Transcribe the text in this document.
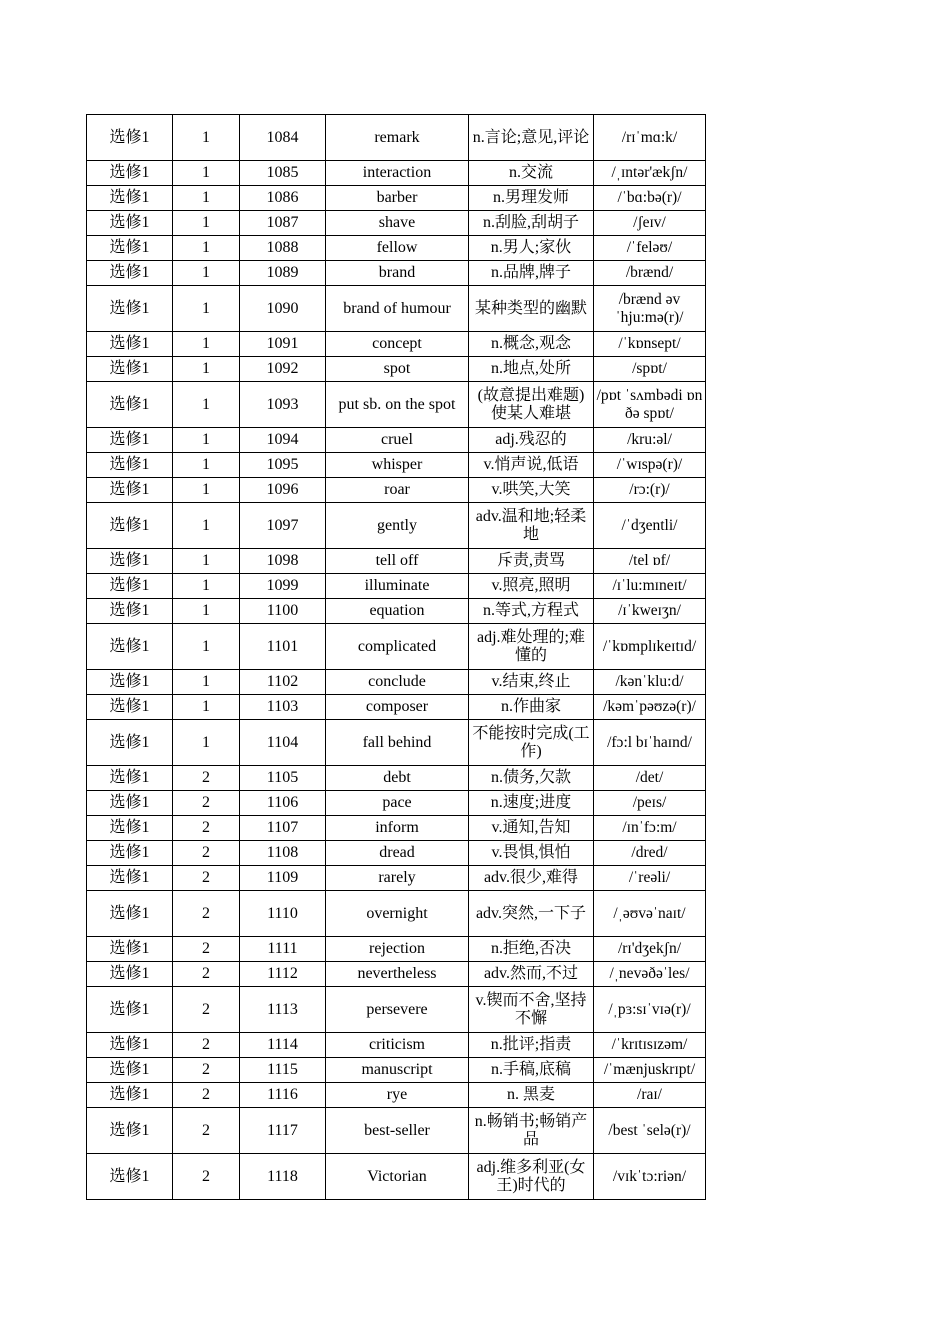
选修1	1	1084	remark	n.言论;意见,评论	/rɪˈmɑ:k/
选修1	1	1085	interaction	n.交流	/ˌɪntər'ækʃn/
选修1	1	1086	barber	n.男理发师	/ˈbɑ:bə(r)/
选修1	1	1087	shave	n.刮脸,刮胡子	/ʃeɪv/
选修1	1	1088	fellow	n.男人;家伙	/ˈfeləʊ/
选修1	1	1089	brand	n.品牌,牌子	/brænd/
选修1	1	1090	brand of humour	某种类型的幽默	/brænd əv ˈhju:mə(r)/
选修1	1	1091	concept	n.概念,观念	/ˈkɒnsept/
选修1	1	1092	spot	n.地点,处所	/spɒt/
选修1	1	1093	put sb. on the spot	(故意提出难题)使某人难堪	/pɒt ˈsʌmbədi ɒn ðə spɒt/
选修1	1	1094	cruel	adj.残忍的	/kru:əl/
选修1	1	1095	whisper	v.悄声说,低语	/ˈwɪspə(r)/
选修1	1	1096	roar	v.哄笑,大笑	/rɔ:(r)/
选修1	1	1097	gently	adv.温和地;轻柔地	/ˈdʒentli/
选修1	1	1098	tell off	斥责,责骂	/tel ɒf/
选修1	1	1099	illuminate	v.照亮,照明	/ɪˈlu:mɪneɪt/
选修1	1	1100	equation	n.等式,方程式	/ɪˈkweɪʒn/
选修1	1	1101	complicated	adj.难处理的;难懂的	/ˈkɒmplɪkeɪtɪd/
选修1	1	1102	conclude	v.结束,终止	/kənˈklu:d/
选修1	1	1103	composer	n.作曲家	/kəmˈpəʊzə(r)/
选修1	1	1104	fall behind	不能按时完成(工作)	/fɔ:l bɪˈhaɪnd/
选修1	2	1105	debt	n.债务,欠款	/det/
选修1	2	1106	pace	n.速度;进度	/peɪs/
选修1	2	1107	inform	v.通知,告知	/ɪnˈfɔ:m/
选修1	2	1108	dread	v.畏惧,惧怕	/dred/
选修1	2	1109	rarely	adv.很少,难得	/ˈreəli/
选修1	2	1110	overnight	adv.突然,一下子	/ˌəʊvəˈnaɪt/
选修1	2	1111	rejection	n.拒绝,否决	/rɪ'dʒekʃn/
选修1	2	1112	nevertheless	adv.然而,不过	/ˌnevəðəˈles/
选修1	2	1113	persevere	v.锲而不舍,坚持不懈	/ˌpɜ:sɪˈvɪə(r)/
选修1	2	1114	criticism	n.批评;指责	/ˈkrɪtɪsɪzəm/
选修1	2	1115	manuscript	n.手稿,底稿	/ˈmænjuskrɪpt/
选修1	2	1116	rye	n. 黑麦	/raɪ/
选修1	2	1117	best-seller	n.畅销书;畅销产品	/best ˈselə(r)/
选修1	2	1118	Victorian	adj.维多利亚(女王)时代的	/vɪkˈtɔ:riən/
